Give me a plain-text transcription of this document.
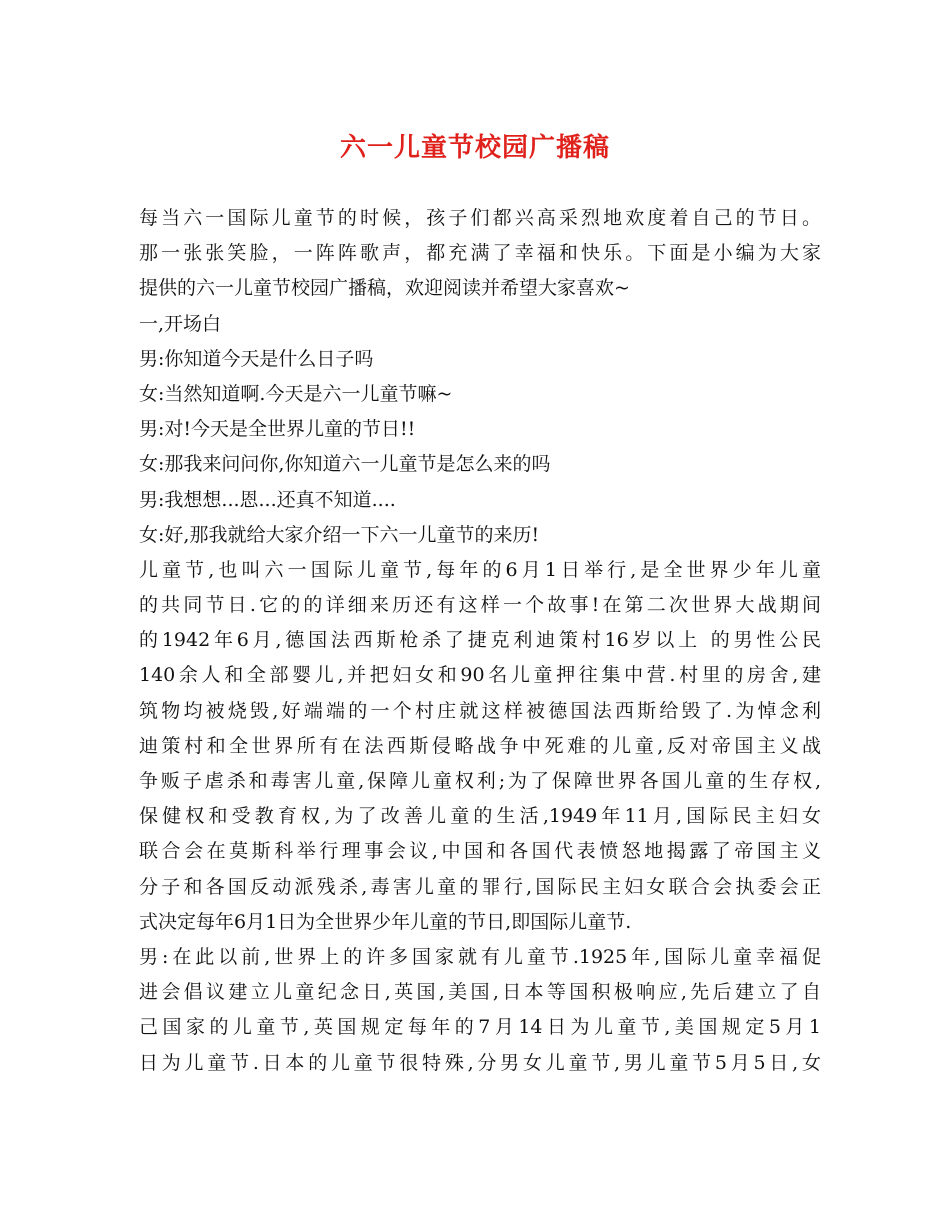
六一儿童节校园广播稿
每当六一国际儿童节的时候，孩子们都兴高采烈地欢度着自己的节日。
那一张张笑脸，一阵阵歌声，都充满了幸福和快乐。下面是小编为大家
提供的六一儿童节校园广播稿，欢迎阅读并希望大家喜欢~
一,开场白
男:你知道今天是什么日子吗
女:当然知道啊.今天是六一儿童节嘛~
男:对!今天是全世界儿童的节日!!
女:那我来问问你,你知道六一儿童节是怎么来的吗
男:我想想...恩...还真不知道....
女:好,那我就给大家介绍一下六一儿童节的来历!
儿童节,也叫六一国际儿童节,每年的6月1日举行,是全世界少年儿童
的共同节日.它的的详细来历还有这样一个故事!在第二次世界大战期间
的1942年6月,德国法西斯枪杀了捷克利迪策村16岁以上 的男性公民
140余人和全部婴儿,并把妇女和90名儿童押往集中营.村里的房舍,建
筑物均被烧毁,好端端的一个村庄就这样被德国法西斯给毁了.为悼念利
迪策村和全世界所有在法西斯侵略战争中死难的儿童,反对帝国主义战
争贩子虐杀和毒害儿童,保障儿童权利;为了保障世界各国儿童的生存权,
保健权和受教育权,为了改善儿童的生活,1949年11月,国际民主妇女
联合会在莫斯科举行理事会议,中国和各国代表愤怒地揭露了帝国主义
分子和各国反动派残杀,毒害儿童的罪行,国际民主妇女联合会执委会正
式决定每年6月1日为全世界少年儿童的节日,即国际儿童节.
男:在此以前,世界上的许多国家就有儿童节.1925年,国际儿童幸福促
进会倡议建立儿童纪念日,英国,美国,日本等国积极响应,先后建立了自
己国家的儿童节,英国规定每年的7月14日为儿童节,美国规定5月1
日为儿童节.日本的儿童节很特殊,分男女儿童节,男儿童节5月5日,女
